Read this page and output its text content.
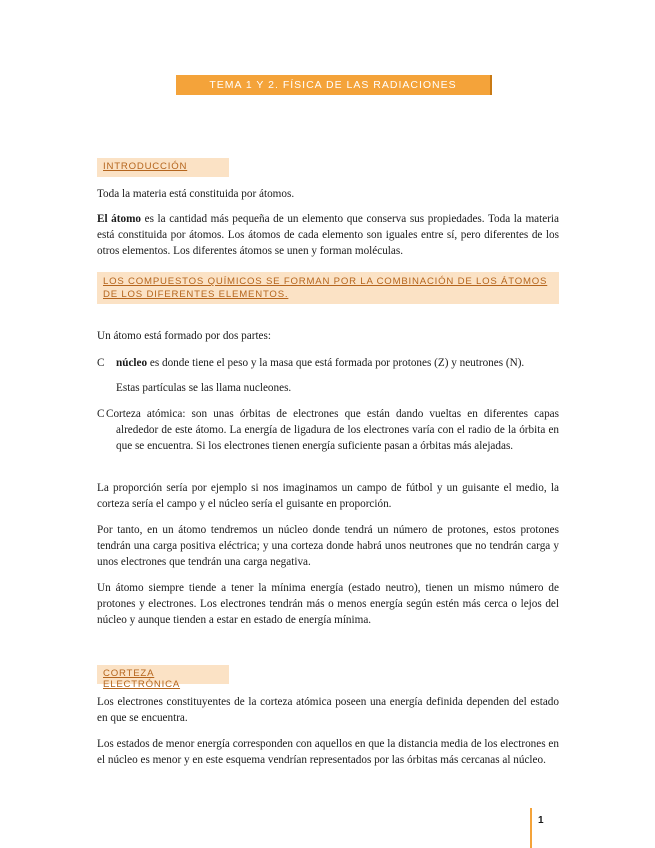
TEMA 1 Y 2. FÍSICA DE LAS RADIACIONES
INTRODUCCIÓN
Toda la materia está constituida por átomos.
El átomo es la cantidad más pequeña de un elemento que conserva sus propiedades. Toda la materia está constituida por átomos. Los átomos de cada elemento son iguales entre sí, pero diferentes de los otros elementos. Los diferentes átomos se unen y forman moléculas.
LOS COMPUESTOS QUÍMICOS SE FORMAN POR LA COMBINACIÓN DE LOS ÁTOMOS DE LOS DIFERENTES ELEMENTOS.
Un átomo está formado por dos partes:
C núcleo es donde tiene el peso y la masa que está formada por protones (Z) y neutrones (N).
Estas partículas se las llama nucleones.
C Corteza atómica: son unas órbitas de electrones que están dando vueltas en diferentes capas alrededor de este átomo. La energía de ligadura de los electrones varía con el radio de la órbita en que se encuentra. Si los electrones tienen energía suficiente pasan a órbitas más alejadas.
La proporción sería por ejemplo si nos imaginamos un campo de fútbol y un guisante el medio, la corteza sería el campo y el núcleo sería el guisante en proporción.
Por tanto, en un átomo tendremos un núcleo donde tendrá un número de protones, estos protones tendrán una carga positiva eléctrica; y una corteza donde habrá unos neutrones que no tendrán carga y unos electrones que tendrán una carga negativa.
Un átomo siempre tiende a tener la mínima energía (estado neutro), tienen un mismo número de protones y electrones. Los electrones tendrán más o menos energía según estén más cerca o lejos del núcleo y aunque tienden a estar en estado de energía mínima.
CORTEZA ELECTRÓNICA
Los electrones constituyentes de la corteza atómica poseen una energía definida dependen del estado en que se encuentra.
Los estados de menor energía corresponden con aquellos en que la distancia media de los electrones en el núcleo es menor y en este esquema vendrían representados por las órbitas más cercanas al núcleo.
1
